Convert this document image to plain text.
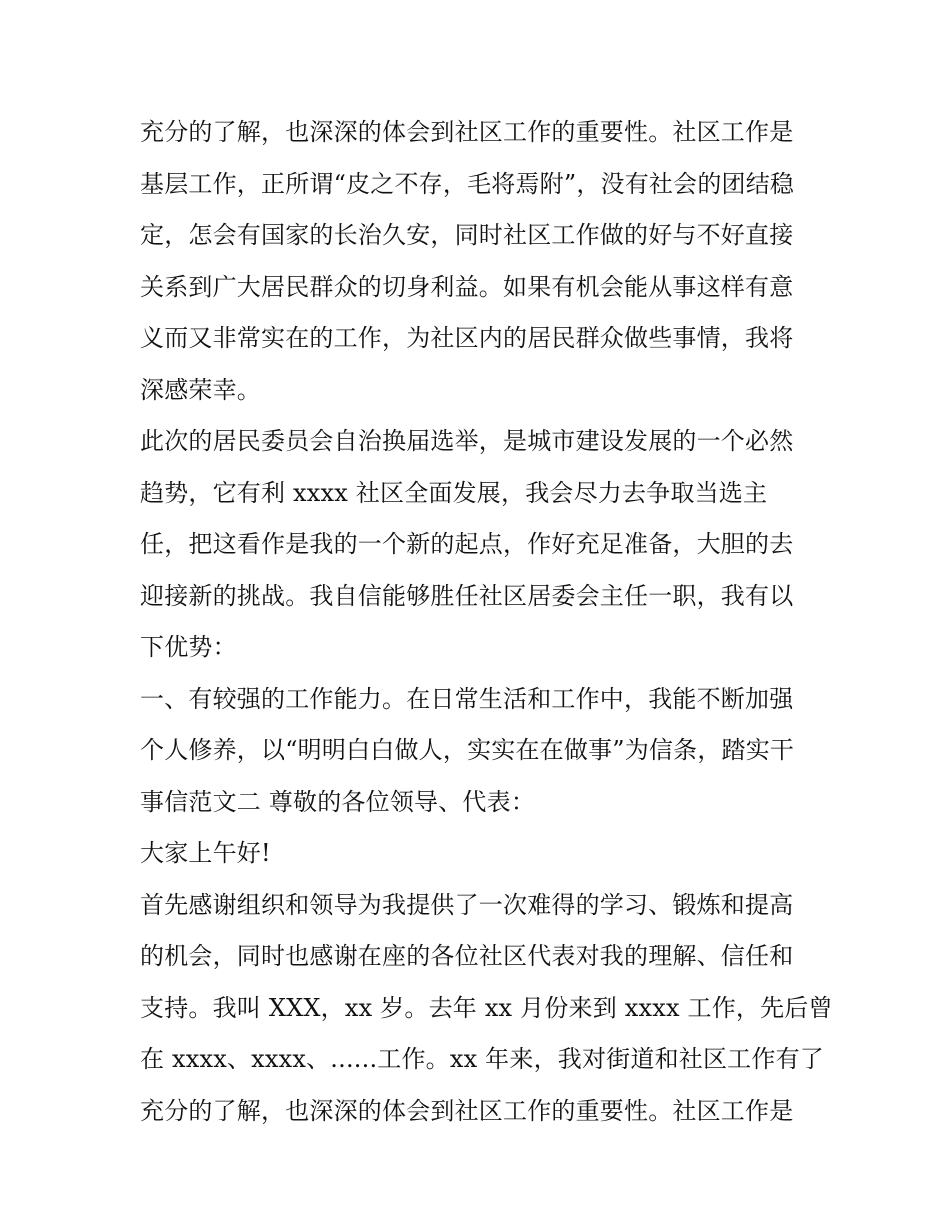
充分的了解，也深深的体会到社区工作的重要性。社区工作是
基层工作，正所谓“皮之不存，毛将焉附”，没有社会的团结稳
定，怎会有国家的长治久安，同时社区工作做的好与不好直接
关系到广大居民群众的切身利益。如果有机会能从事这样有意
义而又非常实在的工作，为社区内的居民群众做些事情，我将
深感荣幸。
此次的居民委员会自治换届选举，是城市建设发展的一个必然
趋势，它有利 xxxx 社区全面发展，我会尽力去争取当选主
任，把这看作是我的一个新的起点，作好充足准备，大胆的去
迎接新的挑战。我自信能够胜任社区居委会主任一职，我有以
下优势：
一、有较强的工作能力。在日常生活和工作中，我能不断加强
个人修养，以“明明白白做人，实实在在做事”为信条，踏实干
事信范文二 尊敬的各位领导、代表：
大家上午好!
首先感谢组织和领导为我提供了一次难得的学习、锻炼和提高
的机会，同时也感谢在座的各位社区代表对我的理解、信任和
支持。我叫 XXX，xx 岁。去年 xx 月份来到 xxxx 工作，先后曾
在 xxxx、xxxx、......工作。xx 年来，我对街道和社区工作有了
充分的了解，也深深的体会到社区工作的重要性。社区工作是
